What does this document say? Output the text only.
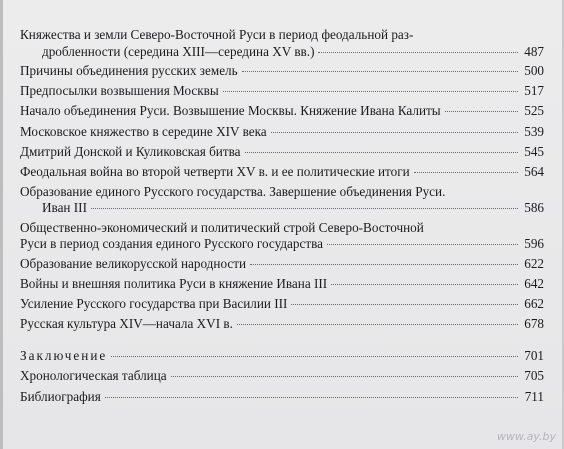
Княжества и земли Северо-Восточной Руси в период феодальной раз-
дробленности (середина XIII—середина XV вв.)	487
Причины объединения русских земель	500
Предпосылки возвышения Москвы	517
Начало объединения Руси. Возвышение Москвы. Княжение Ивана Калиты	525
Московское княжество в середине XIV века	539
Дмитрий Донской и Куликовская битва	545
Феодальная война во второй четверти XV в. и ее политические итоги	564
Образование единого Русского государства. Завершение объединения Руси.
Иван III	586
Общественно-экономический и политический строй Северо-Восточной
Руси в период создания единого Русского государства	596
Образование великорусской народности	622
Войны и внешняя политика Руси в княжение Ивана III	642
Усиление Русского государства при Василии III	662
Русская культура XIV—начала XVI в.	678
Заключение	701
Хронологическая таблица	705
Библиография	711
www.ay.by
